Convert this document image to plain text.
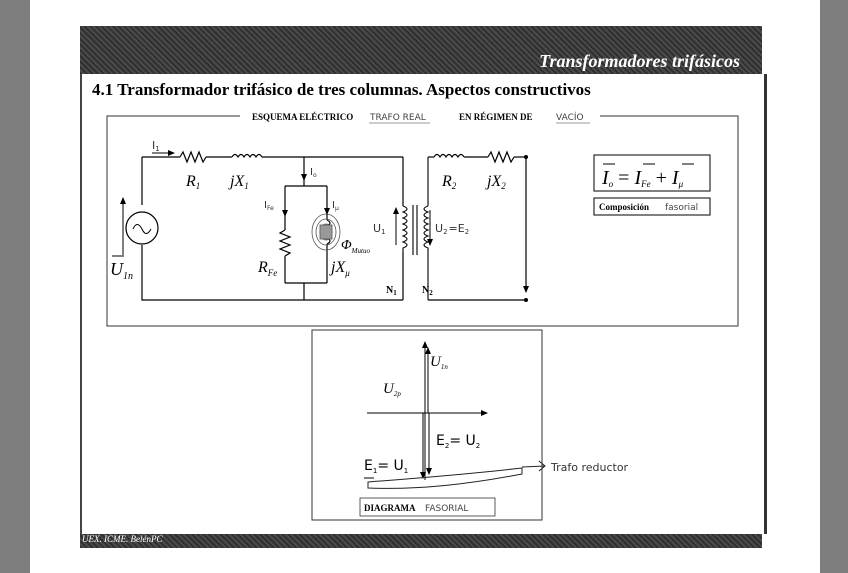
Transformadores trifásicos
4.1 Transformador trifásico de tres columnas. Aspectos constructivos
UEX. ICME. BelénPC
ESQUEMA ELÉCTRICO TRAFO REAL	EN RÉGIMEN DE	VACÍO
R1 jX1	R2 jX2
$R_{Fe}$	$jX_\mu$
$U_{1n}$
$\Phi_{Mutuo}$
$N_1$	$N_2$
I1
$I_o$
$I_{Fe}$	$I_\mu$
U1	U2=E2
Io = IFe + Iμ
Composición fasorial
$U_{1n}$
$U_{2p}$
$E_2= U_2$
$E_1= U_1$	Trafo reductor
DIAGRAMA FASORIAL
